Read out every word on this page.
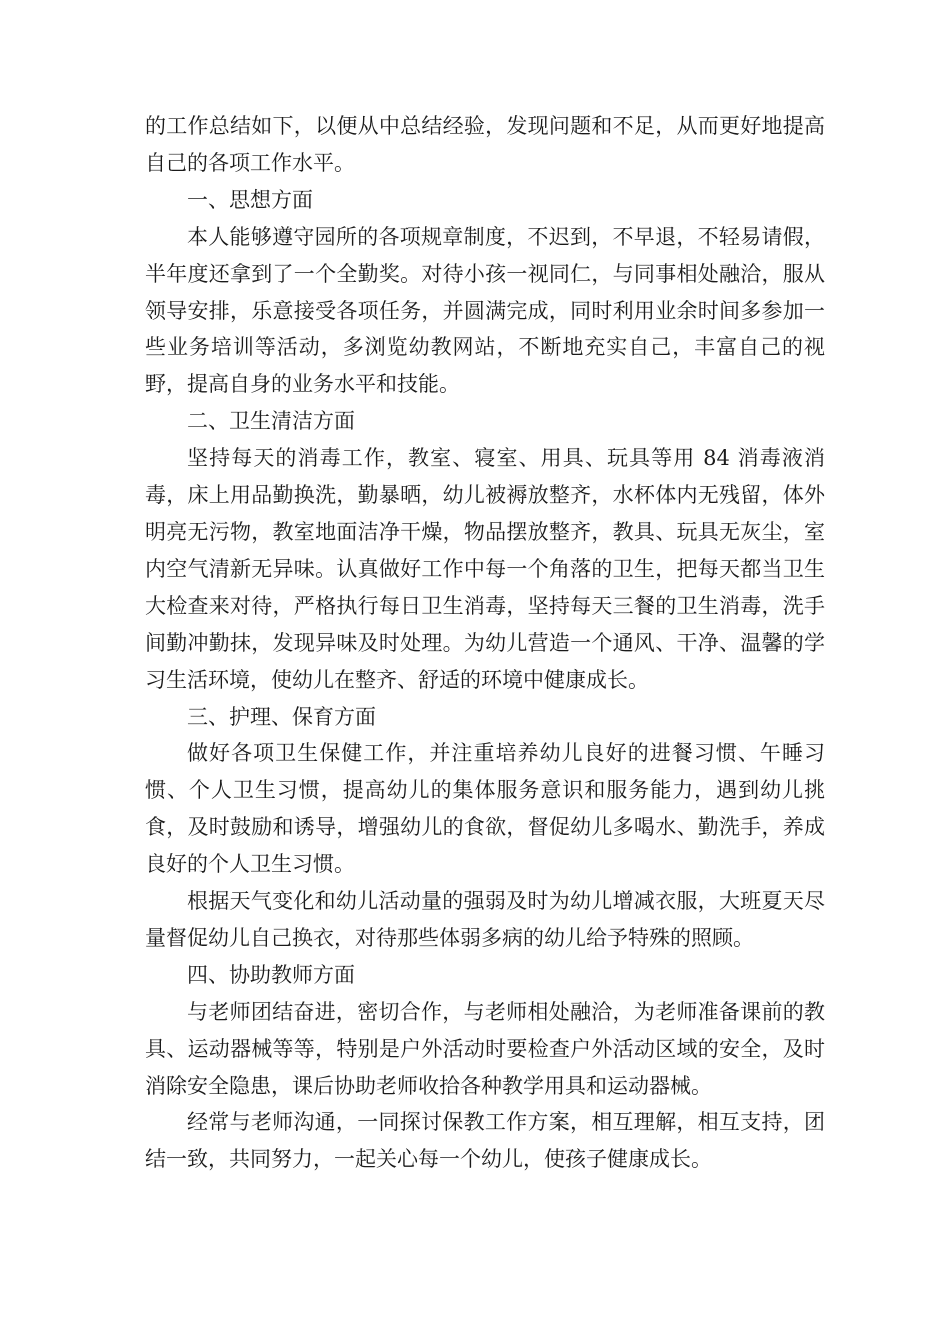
的工作总结如下，以便从中总结经验，发现问题和不足，从而更好地提高自己的各项工作水平。

一、思想方面

本人能够遵守园所的各项规章制度，不迟到，不早退，不轻易请假，半年度还拿到了一个全勤奖。对待小孩一视同仁，与同事相处融洽，服从领导安排，乐意接受各项任务，并圆满完成，同时利用业余时间多参加一些业务培训等活动，多浏览幼教网站，不断地充实自己，丰富自己的视野，提高自身的业务水平和技能。

二、卫生清洁方面

坚持每天的消毒工作，教室、寝室、用具、玩具等用 84 消毒液消毒，床上用品勤换洗，勤暴晒，幼儿被褥放整齐，水杯体内无残留，体外明亮无污物，教室地面洁净干燥，物品摆放整齐，教具、玩具无灰尘，室内空气清新无异味。认真做好工作中每一个角落的卫生，把每天都当卫生大检查来对待，严格执行每日卫生消毒，坚持每天三餐的卫生消毒，洗手间勤冲勤抹，发现异味及时处理。为幼儿营造一个通风、干净、温馨的学习生活环境，使幼儿在整齐、舒适的环境中健康成长。

三、护理、保育方面

做好各项卫生保健工作，并注重培养幼儿良好的进餐习惯、午睡习惯、个人卫生习惯，提高幼儿的集体服务意识和服务能力，遇到幼儿挑食，及时鼓励和诱导，增强幼儿的食欲，督促幼儿多喝水、勤洗手，养成良好的个人卫生习惯。

根据天气变化和幼儿活动量的强弱及时为幼儿增减衣服，大班夏天尽量督促幼儿自己换衣，对待那些体弱多病的幼儿给予特殊的照顾。

四、协助教师方面

与老师团结奋进，密切合作，与老师相处融洽，为老师准备课前的教具、运动器械等等，特别是户外活动时要检查户外活动区域的安全，及时消除安全隐患，课后协助老师收拾各种教学用具和运动器械。

经常与老师沟通，一同探讨保教工作方案，相互理解，相互支持，团结一致，共同努力，一起关心每一个幼儿，使孩子健康成长。
